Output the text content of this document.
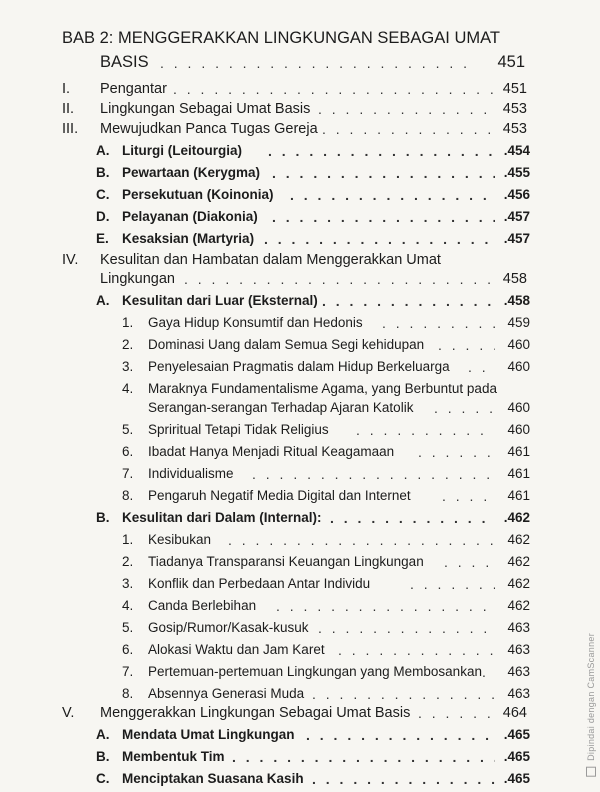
BAB 2: MENGGERAKKAN LINGKUNGAN SEBAGAI UMAT
BASIS . . .	451
I. Pengantar . . .	451
II. Lingkungan Sebagai Umat Basis . . .	453
III. Mewujudkan Panca Tugas Gereja . . .	453
A. Liturgi (Leitourgia) . . .	.454
B. Pewartaan (Kerygma) . . .	.455
C. Persekutuan (Koinonia) . . .	.456
D. Pelayanan (Diakonia) . . .	.457
E. Kesaksian (Martyria) . . .	.457
IV. Kesulitan dan Hambatan dalam Menggerakkan Umat
Lingkungan . . .	458
A. Kesulitan dari Luar (Eksternal) . . .	.458
1. Gaya Hidup Konsumtif dan Hedonis . . .	459
2. Dominasi Uang dalam Semua Segi kehidupan . . .	460
3. Penyelesaian Pragmatis dalam Hidup Berkeluarga . . .	460
4. Maraknya Fundamentalisme Agama, yang Berbuntut pada
Serangan-serangan Terhadap Ajaran Katolik . . .	460
5. Spriritual Tetapi Tidak Religius . . .	460
6. Ibadat Hanya Menjadi Ritual Keagamaan . . .	461
7. Individualisme . . .	461
8. Pengaruh Negatif Media Digital dan Internet . . .	461
B. Kesulitan dari Dalam (Internal): . . .	.462
1. Kesibukan . . .	462
2. Tiadanya Transparansi Keuangan Lingkungan . . .	462
3. Konflik dan Perbedaan Antar Individu . . .	462
4. Canda Berlebihan . . .	462
5. Gosip/Rumor/Kasak-kusuk . . .	463
6. Alokasi Waktu dan Jam Karet . . .	463
7. Pertemuan-pertemuan Lingkungan yang Membosankan . . .	463
8. Absennya Generasi Muda . . .	463
V. Menggerakkan Lingkungan Sebagai Umat Basis . . .	464
A. Mendata Umat Lingkungan . . .	.465
B. Membentuk Tim . . .	.465
C. Menciptakan Suasana Kasih . . .	.465
Dipindai dengan CamScanner
